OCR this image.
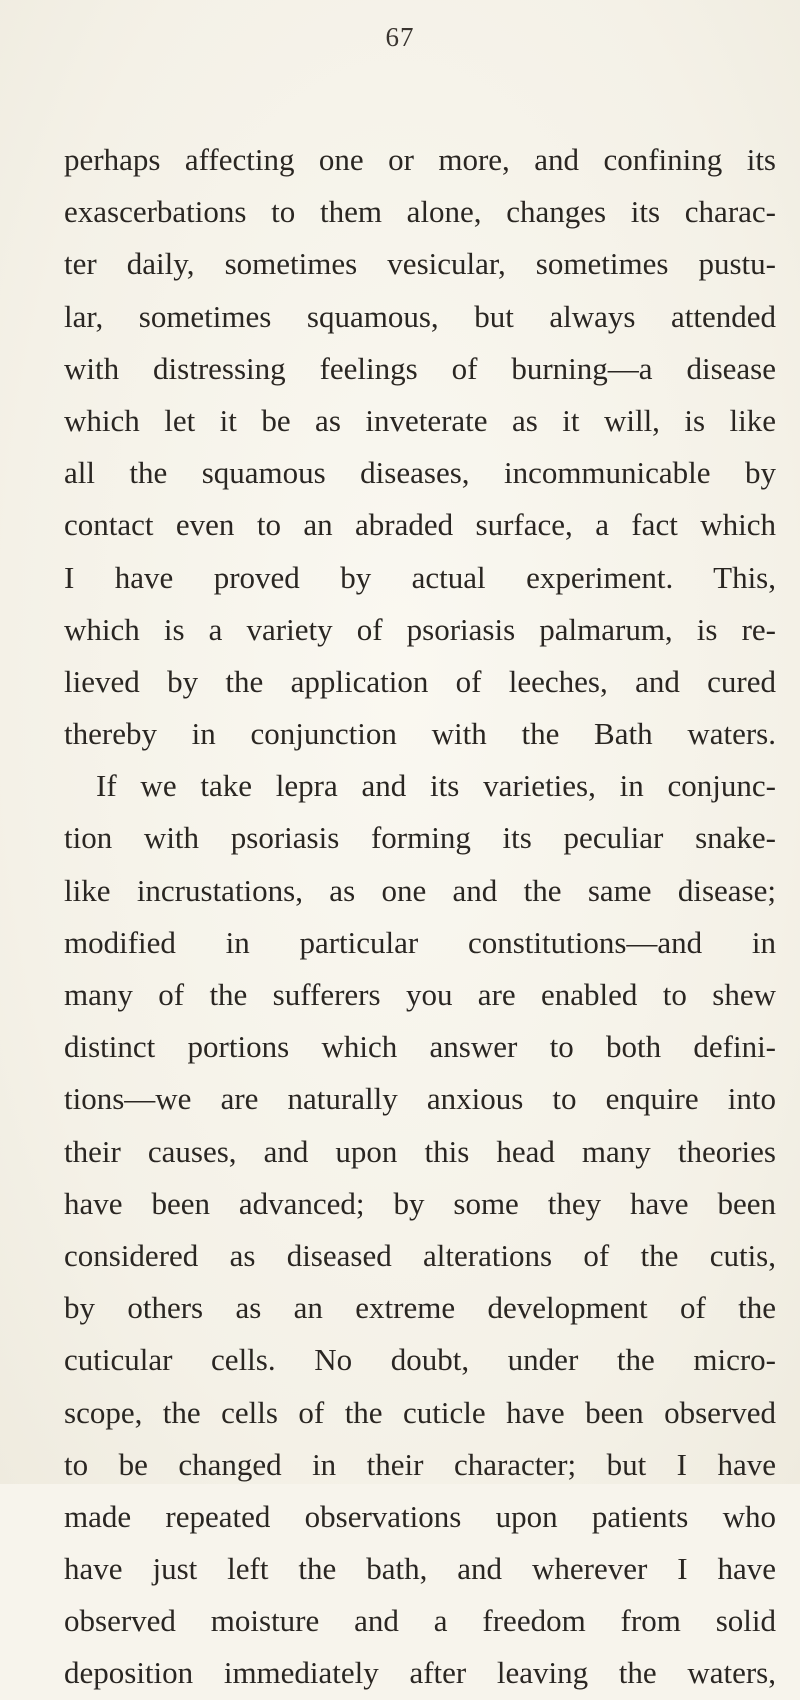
67
perhaps affecting one or more, and confining its
exascerbations to them alone, changes its charac-
ter daily, sometimes vesicular, sometimes pustu-
lar, sometimes squamous, but always attended
with distressing feelings of burning—a disease
which let it be as inveterate as it will, is like
all the squamous diseases, incommunicable by
contact even to an abraded surface, a fact which
I have proved by actual experiment. This,
which is a variety of psoriasis palmarum, is re-
lieved by the application of leeches, and cured
thereby in conjunction with the Bath waters.
If we take lepra and its varieties, in conjunc-
tion with psoriasis forming its peculiar snake-
like incrustations, as one and the same disease;
modified in particular constitutions—and in
many of the sufferers you are enabled to shew
distinct portions which answer to both defini-
tions—we are naturally anxious to enquire into
their causes, and upon this head many theories
have been advanced; by some they have been
considered as diseased alterations of the cutis,
by others as an extreme development of the
cuticular cells. No doubt, under the micro-
scope, the cells of the cuticle have been observed
to be changed in their character; but I have
made repeated observations upon patients who
have just left the bath, and wherever I have
observed moisture and a freedom from solid
deposition immediately after leaving the waters,
